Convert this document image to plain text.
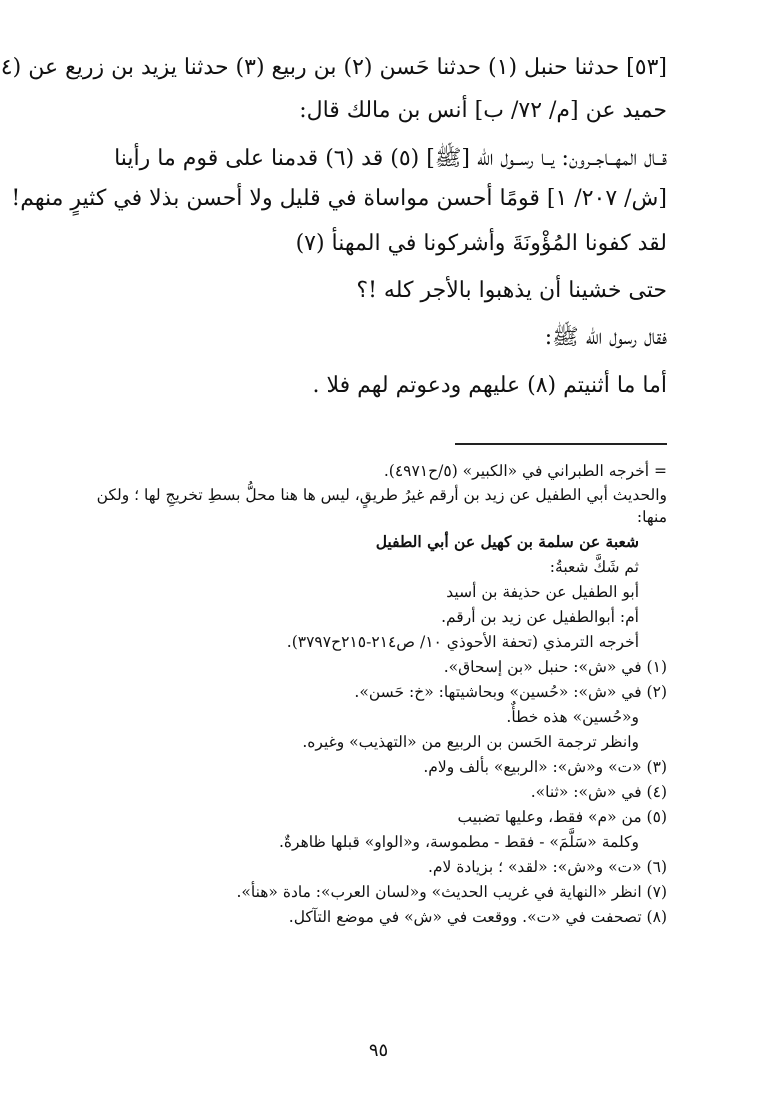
[٥٣] حدثنا حنبل (١) حدثنا حَسن (٢) بن ربيع (٣) حدثنا يزيد بن زريع عن (٤
حميد عن [م/ ٧٢/ ب] أنس بن مالك قال:
قــال المهــاجــرون: يــا رســول الله [ﷺ] (٥) قد (٦) قدمنا على قوم ما رأينا
[ش/ ٢٠٧/ ١] قومًا أحسن مواساة في قليل ولا أحسن بذلا في كثيرٍ منهم!
لقد كفونا المُؤْونَةَ وأشركونا في المهنأ (٧)
حتى خشينا أن يذهبوا بالأجر كله !؟
فقال رسول الله ﷺ:
أما ما أثنيتم (٨) عليهم ودعوتم لهم فلا .
= أخرجه الطبراني في «الكبير» (٥/ح٤٩٧١).
والحديث أبي الطفيل عن زيد بن أرقم غيرُ طريقٍ، ليس ها هنا محلُّ بسطِ تخريجِ لها ؛ ولكن
منها:
شعبة عن سلمة بن كهيل عن أبي الطفيل
ثم شَكَّ شعبةُ:
أبو الطفيل عن حذيفة بن أسيد
أم: أبوالطفيل عن زيد بن أرقم.
أخرجه الترمذي (تحفة الأحوذي ١٠/ ص٢١٤-٢١٥ح٣٧٩٧).
(١) في «ش»: حنبل «بن إسحاق».
(٢) في «ش»: «حُسين» وبحاشيتها: «خ: حَسن».
و«حُسين» هذه خطأٌ.
وانظر ترجمة الحَسن بن الربيع من «التهذيب» وغيره.
(٣) «ت» و«ش»: «الربيع» بألف ولام.
(٤) في «ش»: «ثنا».
(٥) من «م» فقط، وعليها تضبيب
وكلمة «سَلَّمَ» - فقط - مطموسة، و«الواو» قبلها ظاهرةٌ.
(٦) «ت» و«ش»: «لقد» ؛ بزيادة لام.
(٧) انظر «النهاية في غريب الحديث» و«لسان العرب»: مادة «هنأ».
(٨) تصحفت في «ت». ووقعت في «ش» في موضع التآكل.
٩٥
